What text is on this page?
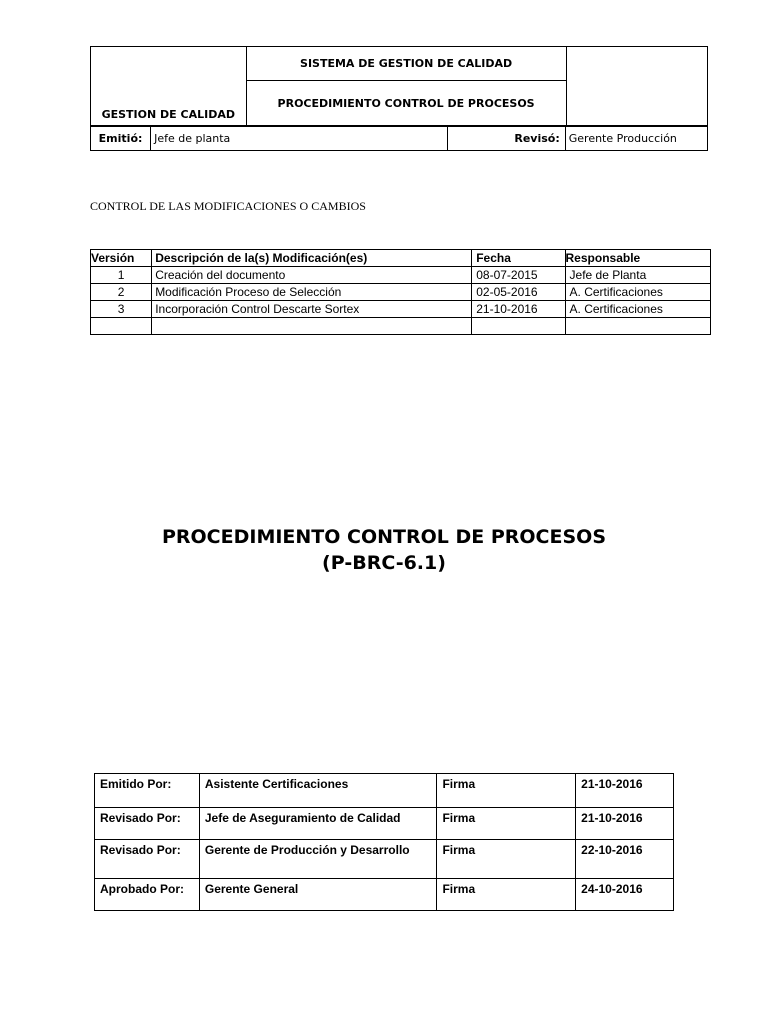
GESTION DE CALIDAD	SISTEMA DE GESTION DE CALIDAD	
PROCEDIMIENTO CONTROL DE PROCESOS
Emitió:	Jefe de planta	Revisó:	Gerente Producción

CONTROL DE LAS MODIFICACIONES O CAMBIOS

Versión	Descripción de la(s) Modificación(es)	Fecha	Responsable
1	Creación del documento	08-07-2015	Jefe de Planta
2	Modificación Proceso de Selección	02-05-2016	A. Certificaciones
3	Incorporación Control Descarte Sortex	21-10-2016	A. Certificaciones

PROCEDIMIENTO CONTROL DE PROCESOS
(P-BRC-6.1)
Emitido Por:	Asistente Certificaciones	Firma	21-10-2016
Revisado Por:	Jefe de Aseguramiento de Calidad	Firma	21-10-2016
Revisado Por:	Gerente de Producción y Desarrollo	Firma	22-10-2016
Aprobado Por:	Gerente General	Firma	24-10-2016
